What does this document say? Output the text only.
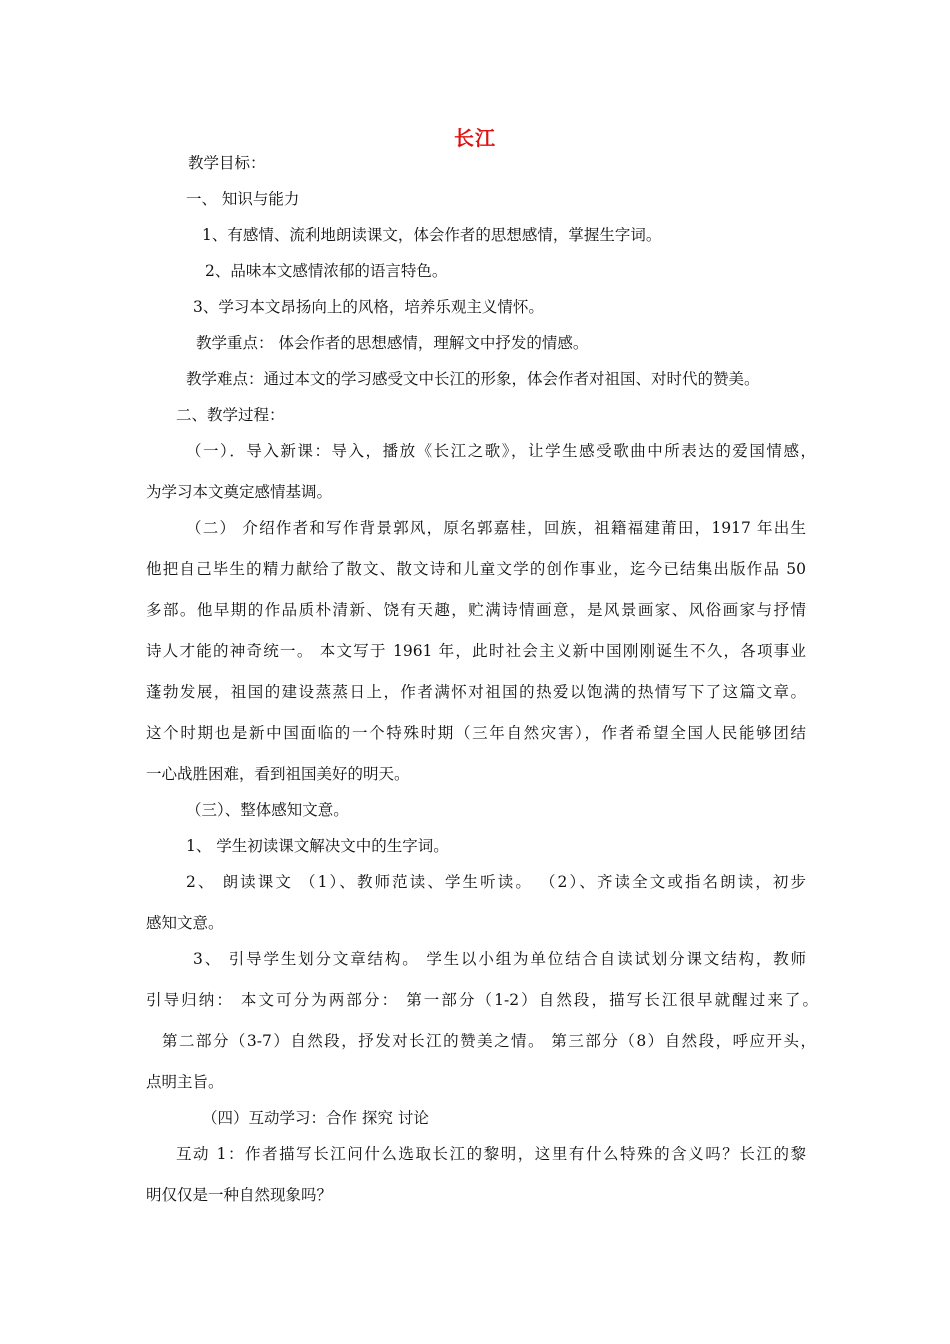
长江
教学目标：
一、 知识与能力
1、有感情、流利地朗读课文，体会作者的思想感情，掌握生字词。
2、品味本文感情浓郁的语言特色。
3、学习本文昂扬向上的风格，培养乐观主义情怀。
教学重点： 体会作者的思想感情，理解文中抒发的情感。
教学难点：通过本文的学习感受文中长江的形象，体会作者对祖国、对时代的赞美。
二、教学过程：
（一）．导入新课：导入，播放《长江之歌》，让学生感受歌曲中所表达的爱国情感，
为学习本文奠定感情基调。
（二） 介绍作者和写作背景郭风，原名郭嘉桂，回族，祖籍福建莆田，1917 年出生
他把自己毕生的精力献给了散文、散文诗和儿童文学的创作事业，迄今已结集出版作品 50
多部。他早期的作品质朴清新、饶有天趣，贮满诗情画意，是风景画家、风俗画家与抒情
诗人才能的神奇统一。 本文写于 1961 年，此时社会主义新中国刚刚诞生不久，各项事业
蓬勃发展，祖国的建设蒸蒸日上，作者满怀对祖国的热爱以饱满的热情写下了这篇文章。
这个时期也是新中国面临的一个特殊时期（三年自然灾害），作者希望全国人民能够团结
一心战胜困难，看到祖国美好的明天。
（三）、整体感知文意。
1、 学生初读课文解决文中的生字词。
2、 朗读课文 （1）、教师范读、学生听读。 （2）、齐读全文或指名朗读，初步
感知文意。
3、 引导学生划分文章结构。 学生以小组为单位结合自读试划分课文结构，教师
引导归纳： 本文可分为两部分： 第一部分（1-2）自然段，描写长江很早就醒过来了。
第二部分（3-7）自然段，抒发对长江的赞美之情。 第三部分（8）自然段，呼应开头，
点明主旨。
（四）互动学习：合作 探究 讨论
互动 1：作者描写长江问什么选取长江的黎明，这里有什么特殊的含义吗？长江的黎
明仅仅是一种自然现象吗？
